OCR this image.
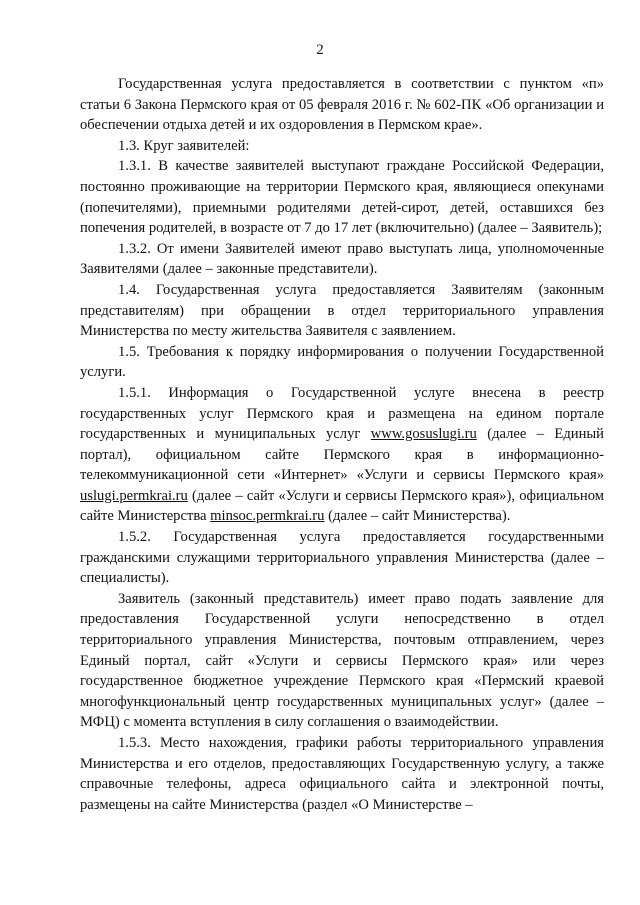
2

Государственная услуга предоставляется в соответствии с пунктом «п» статьи 6 Закона Пермского края от 05 февраля 2016 г. № 602-ПК «Об организации и обеспечении отдыха детей и их оздоровления в Пермском крае».

1.3. Круг заявителей:

1.3.1. В качестве заявителей выступают граждане Российской Федерации, постоянно проживающие на территории Пермского края, являющиеся опекунами (попечителями), приемными родителями детей-сирот, детей, оставшихся без попечения родителей, в возрасте от 7 до 17 лет (включительно) (далее – Заявитель);

1.3.2. От имени Заявителей имеют право выступать лица, уполномоченные Заявителями (далее – законные представители).

1.4. Государственная услуга предоставляется Заявителям (законным представителям) при обращении в отдел территориального управления Министерства по месту жительства Заявителя с заявлением.

1.5. Требования к порядку информирования о получении Государственной услуги.

1.5.1. Информация о Государственной услуге внесена в реестр государственных услуг Пермского края и размещена на едином портале государственных и муниципальных услуг www.gosuslugi.ru (далее – Единый портал), официальном сайте Пермского края в информационно-телекоммуникационной сети «Интернет» «Услуги и сервисы Пермского края» uslugi.permkrai.ru (далее – сайт «Услуги и сервисы Пермского края»), официальном сайте Министерства minsoc.permkrai.ru (далее – сайт Министерства).

1.5.2. Государственная услуга предоставляется государственными гражданскими служащими территориального управления Министерства (далее – специалисты).

Заявитель (законный представитель) имеет право подать заявление для предоставления Государственной услуги непосредственно в отдел территориального управления Министерства, почтовым отправлением, через Единый портал, сайт «Услуги и сервисы Пермского края» или через государственное бюджетное учреждение Пермского края «Пермский краевой многофункциональный центр государственных муниципальных услуг» (далее – МФЦ) с момента вступления в силу соглашения о взаимодействии.

1.5.3. Место нахождения, графики работы территориального управления Министерства и его отделов, предоставляющих Государственную услугу, а также справочные телефоны, адреса официального сайта и электронной почты, размещены на сайте Министерства (раздел «О Министерстве –
